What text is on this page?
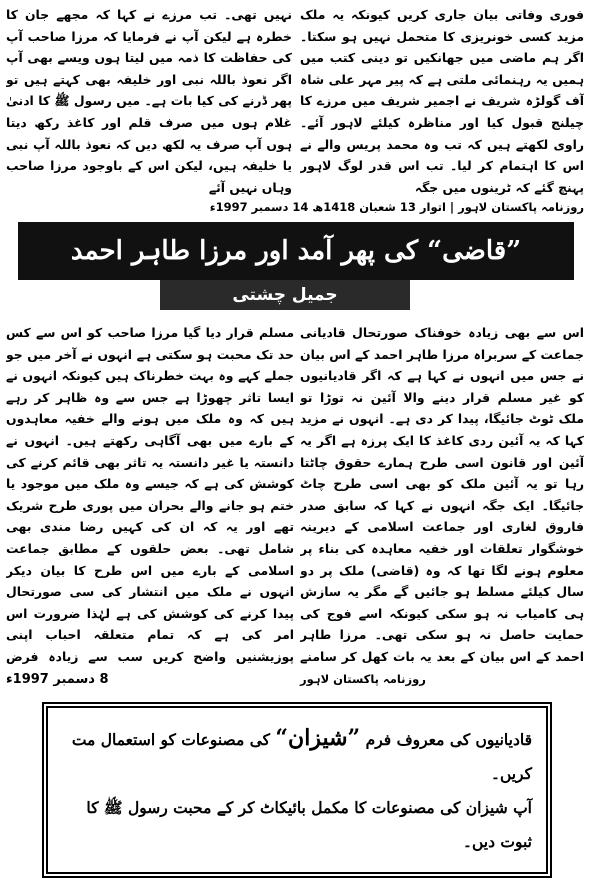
فوری وفاتی بیان جاری کریں کیونکہ یہ ملک مزید کسی خونریزی کا متحمل نہیں ہو سکتا۔ اگر ہم ماضی میں جھانکیں تو دینی کتب میں ہمیں یہ رہنمائی ملتی ہے کہ پیر مہر علی شاہ آف گولڑہ شریف نے اجمیر شریف میں مرزے کا چیلنج قبول کیا اور مناظرہ کیلئے لاہور آئے۔ راوی لکھتے ہیں کہ تب وہ محمد پریس والے نے اس کا اہتمام کر لیا۔ تب اس قدر لوگ لاہور پہنچ گئے کہ ٹرینوں میں جگہ
نہیں تھی۔ تب مرزے نے کہا کہ مجھے جان کا خطرہ ہے لیکن آپ نے فرمایا کہ مرزا صاحب آپ کی حفاظت کا ذمہ میں لیتا ہوں ویسے بھی آپ اگر نعوذ باللہ نبی اور خلیفہ بھی کہتے ہیں تو پھر ڈرنے کی کیا بات ہے۔ میں رسول ﷺ کا ادنیٰ غلام ہوں میں صرف قلم اور کاغذ رکھ دیتا ہوں آپ صرف یہ لکھ دیں کہ نعوذ باللہ آپ نبی یا خلیفہ ہیں، لیکن اس کے باوجود مرزا صاحب وہاں نہیں آئے
روزنامہ پاکستان لاہور | اتوار 13 شعبان 1418ھ 14 دسمبر 1997ء
”قاضی“ کی پھر آمد اور مرزا طاہر احمد
جمیل چشتی
اس سے بھی زیادہ خوفناک صورتحال قادیانی جماعت کے سربراہ مرزا طاہر احمد کے اس بیان نے جس میں انہوں نے کہا ہے کہ اگر قادیانیوں کو غیر مسلم قرار دینے والا آئین نہ توڑا تو ملک ٹوٹ جائیگا، پیدا کر دی ہے۔ انہوں نے مزید کہا کہ یہ آئین ردی کاغذ کا ایک پرزہ ہے اگر یہ آئین اور قانون اسی طرح ہمارے حقوق چاٹتا رہا تو یہ آئین ملک کو بھی اسی طرح چاٹ جائیگا۔ ایک جگہ انہوں نے کہا کہ سابق صدر فاروق لغاری اور جماعت اسلامی کے دیرینہ خوشگوار تعلقات اور خفیہ معاہدہ کی بناء پر معلوم ہونے لگا تھا کہ وہ (قاضی) ملک پر دو سال کیلئے مسلط ہو جائیں گے مگر یہ سازش ہی کامیاب نہ ہو سکی کیونکہ اسے فوج کی حمایت حاصل نہ ہو سکی تھی۔ مرزا طاہر احمد کے اس بیان کے بعد یہ بات کھل کر سامنے
مسلم قرار دیا گیا مرزا صاحب کو اس سے کس حد تک محبت ہو سکتی ہے انہوں نے آخر میں جو جملے کہے وہ بہت خطرناک ہیں کیونکہ انہوں نے ایسا تاثر چھوڑا ہے جس سے وہ ظاہر کر رہے ہیں کہ وہ ملک میں ہونے والے خفیہ معاہدوں کے بارے میں بھی آگاہی رکھتے ہیں۔ انہوں نے دانستہ یا غیر دانستہ یہ تاثر بھی قائم کرنے کی کوشش کی ہے کہ جیسے وہ ملک میں موجود یا ختم ہو جانے والے بحران میں پوری طرح شریک تھے اور یہ کہ ان کی کہیں رضا مندی بھی شامل تھی۔ بعض حلقوں کے مطابق جماعت اسلامی کے بارے میں اس طرح کا بیان دیکر انہوں نے ملک میں انتشار کی سی صورتحال پیدا کرنے کی کوشش کی ہے لہٰذا ضرورت اس امر کی ہے کہ تمام متعلقہ احباب اپنی پوزیشنیں واضح کریں سب سے زیادہ فرض
روزنامہ پاکستان لاہور
8 دسمبر 1997ء
قادیانیوں کی معروف فرم ”شیزان“ کی مصنوعات کو استعمال مت کریں۔
آپ شیزان کی مصنوعات کا مکمل بائیکاٹ کر کے محبت رسول ﷺ کا ثبوت دیں۔
